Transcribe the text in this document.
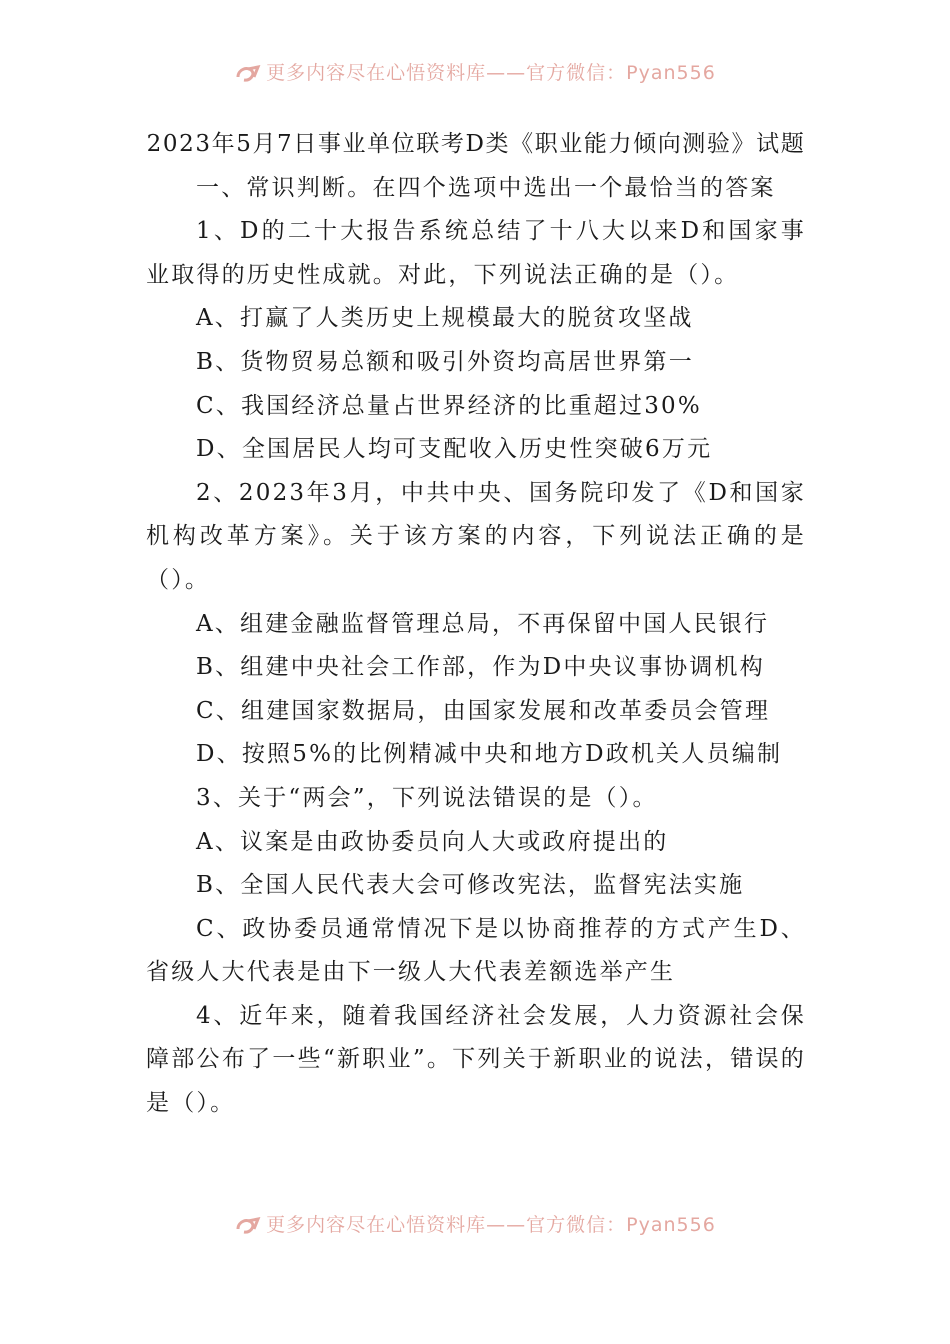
更多内容尽在心悟资料库——官方微信：Pyan556

2023年5月7日事业单位联考D类《职业能力倾向测验》试题

一、常识判断。在四个选项中选出一个最恰当的答案

1、D的二十大报告系统总结了十八大以来D和国家事业取得的历史性成就。对此，下列说法正确的是（）。

A、打赢了人类历史上规模最大的脱贫攻坚战

B、货物贸易总额和吸引外资均高居世界第一

C、我国经济总量占世界经济的比重超过30%

D、全国居民人均可支配收入历史性突破6万元

2、2023年3月，中共中央、国务院印发了《D和国家机构改革方案》。关于该方案的内容，下列说法正确的是（）。

A、组建金融监督管理总局，不再保留中国人民银行

B、组建中央社会工作部，作为D中央议事协调机构

C、组建国家数据局，由国家发展和改革委员会管理

D、按照5%的比例精减中央和地方D政机关人员编制

3、关于“两会”，下列说法错误的是（）。

A、议案是由政协委员向人大或政府提出的

B、全国人民代表大会可修改宪法，监督宪法实施

C、政协委员通常情况下是以协商推荐的方式产生D、省级人大代表是由下一级人大代表差额选举产生

4、近年来，随着我国经济社会发展，人力资源社会保障部公布了一些“新职业”。下列关于新职业的说法，错误的是（）。

更多内容尽在心悟资料库——官方微信：Pyan556
